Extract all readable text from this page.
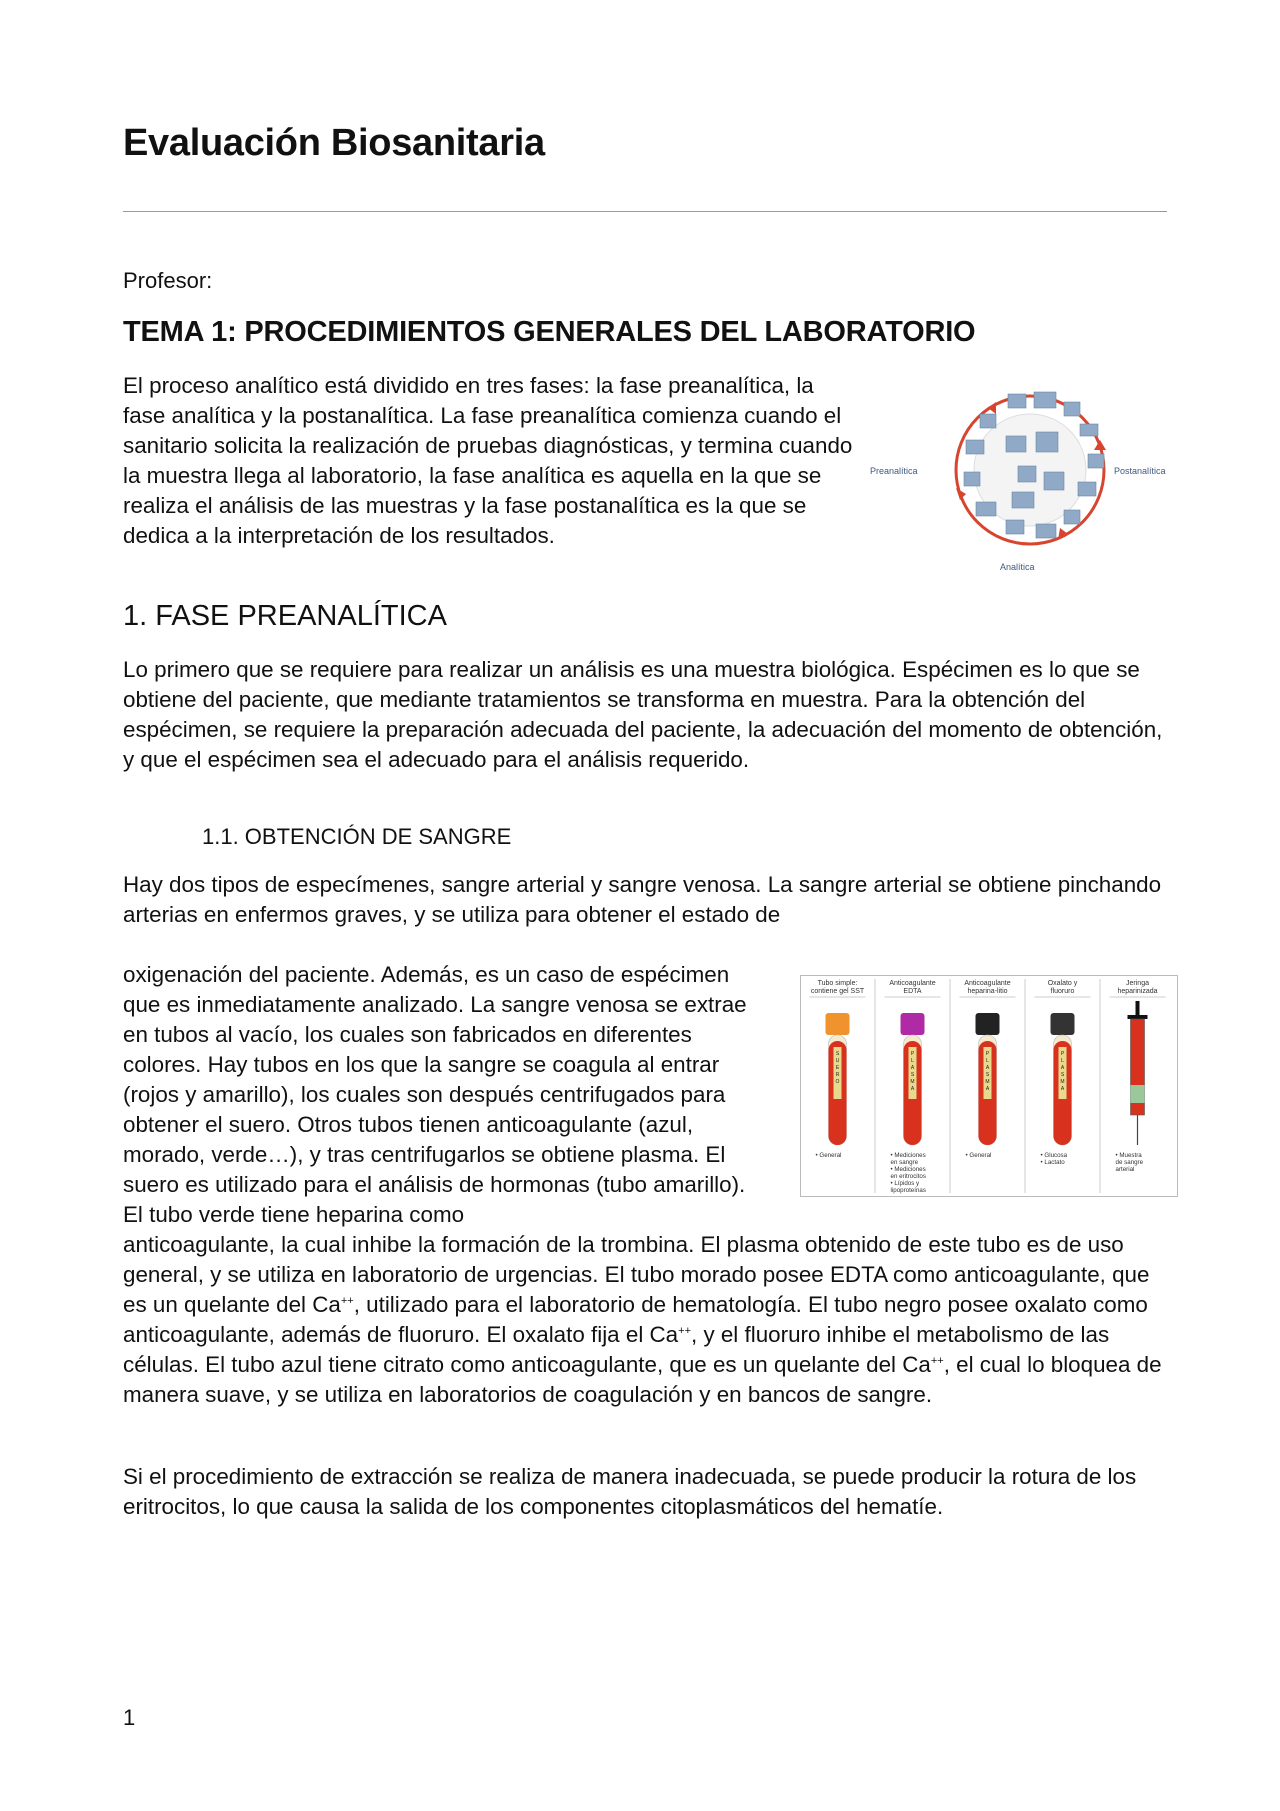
Evaluación Biosanitaria
Profesor:
TEMA 1: PROCEDIMIENTOS GENERALES DEL LABORATORIO
El proceso analítico está dividido en tres fases: la fase preanalítica, la fase analítica y la postanalítica. La fase preanalítica comienza cuando el sanitario solicita la realización de pruebas diagnósticas, y termina cuando la muestra llega al laboratorio, la fase analítica es aquella en la que se realiza el análisis de las muestras y la fase postanalítica es la que se dedica a la interpretación de los resultados.
Preanalítica	Postanalítica
Analítica
1. FASE PREANALÍTICA
Lo primero que se requiere para realizar un análisis es una muestra biológica. Espécimen es lo que se obtiene del paciente, que mediante tratamientos se transforma en muestra. Para la obtención del espécimen, se requiere la preparación adecuada del paciente, la adecuación del momento de obtención, y que el espécimen sea el adecuado para el análisis requerido.
1.1. OBTENCIÓN DE SANGRE
Hay dos tipos de especímenes, sangre arterial y sangre venosa. La sangre arterial se obtiene pinchando arterias en enfermos graves, y se utiliza para obtener el estado de
oxigenación del paciente. Además, es un caso de espécimen que es inmediatamente analizado. La sangre venosa se extrae en tubos al vacío, los cuales son fabricados en diferentes colores. Hay tubos en los que la sangre se coagula al entrar (rojos y amarillo), los cuales son después centrifugados para obtener el suero. Otros tubos tienen anticoagulante (azul, morado, verde…), y tras centrifugarlos se obtiene plasma. El suero es utilizado para el análisis de hormonas (tubo amarillo). El tubo verde tiene heparina como
anticoagulante, la cual inhibe la formación de la trombina. El plasma obtenido de este tubo es de uso general, y se utiliza en laboratorio de urgencias. El tubo morado posee EDTA como anticoagulante, que es un quelante del Ca++, utilizado para el laboratorio de hematología. El tubo negro posee oxalato como anticoagulante, además de fluoruro. El oxalato fija el Ca++, y el fluoruro inhibe el metabolismo de las células. El tubo azul tiene citrato como anticoagulante, que es un quelante del Ca++, el cual lo bloquea de manera suave, y se utiliza en laboratorios de coagulación y en bancos de sangre.
Tubo simple:
contiene gel SST
S U E R O
• General
Anticoagulante
EDTA
P L A S M A
• Mediciones
en sangre
• Mediciones
en eritrocitos
• Lípidos y
lipoproteínas
Anticoagulante
heparina-litio
P L A S M A
• General
Oxalato y
fluoruro
P L A S M A
• Glucosa
• Lactato
Jeringa
heparinizada
• Muestra
de sangre
arterial
Si el procedimiento de extracción se realiza de manera inadecuada, se puede producir la rotura de los eritrocitos, lo que causa la salida de los componentes citoplasmáticos del hematíe.
1
